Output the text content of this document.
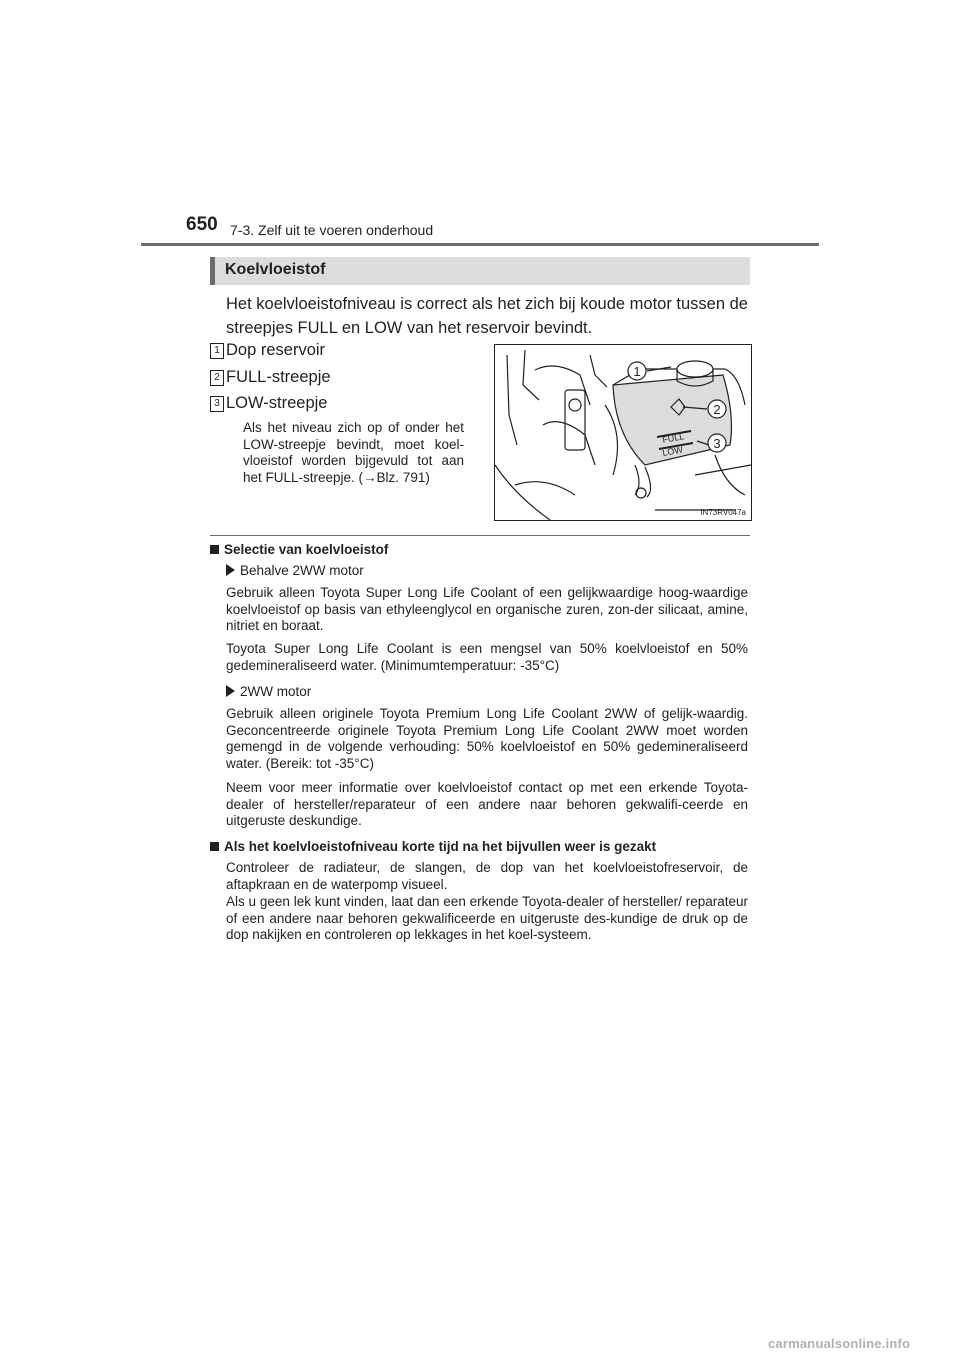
650 7-3. Zelf uit te voeren onderhoud
Koelvloeistof
Het koelvloeistofniveau is correct als het zich bij koude motor tussen de streepjes FULL en LOW van het reservoir bevindt.
1 Dop reservoir
2 FULL-streepje
3 LOW-streepje
Als het niveau zich op of onder het LOW-streepje bevindt, moet koel-vloeistof worden bijgevuld tot aan het FULL-streepje. (→Blz. 791)
FULL
LOW
1
2
3
IN73RV047a
Selectie van koelvloeistof
Behalve 2WW motor
Gebruik alleen Toyota Super Long Life Coolant of een gelijkwaardige hoog-waardige koelvloeistof op basis van ethyleenglycol en organische zuren, zon-der silicaat, amine, nitriet en boraat.
Toyota Super Long Life Coolant is een mengsel van 50% koelvloeistof en 50% gedemineraliseerd water. (Minimumtemperatuur: -35°C)
2WW motor
Gebruik alleen originele Toyota Premium Long Life Coolant 2WW of gelijk-waardig. Geconcentreerde originele Toyota Premium Long Life Coolant 2WW moet worden gemengd in de volgende verhouding: 50% koelvloeistof en 50% gedemineraliseerd water. (Bereik: tot -35°C)
Neem voor meer informatie over koelvloeistof contact op met een erkende Toyota-dealer of hersteller/reparateur of een andere naar behoren gekwalifi-ceerde en uitgeruste deskundige.
Als het koelvloeistofniveau korte tijd na het bijvullen weer is gezakt
Controleer de radiateur, de slangen, de dop van het koelvloeistofreservoir, de aftapkraan en de waterpomp visueel.
Als u geen lek kunt vinden, laat dan een erkende Toyota-dealer of hersteller/ reparateur of een andere naar behoren gekwalificeerde en uitgeruste des-kundige de druk op de dop nakijken en controleren op lekkages in het koel-systeem.
carmanualsonline.info
